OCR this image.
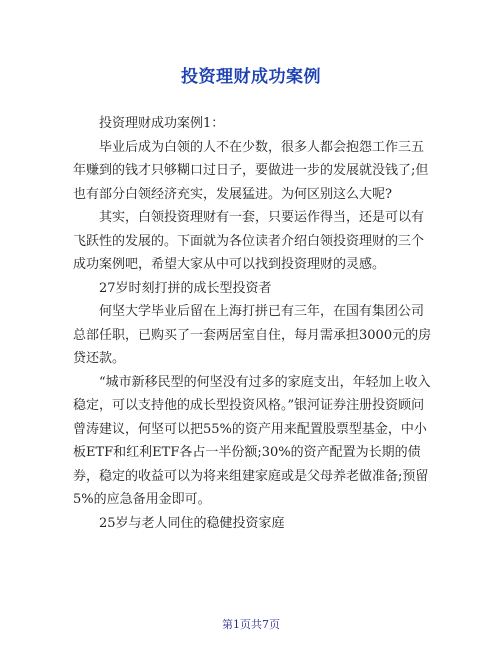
投资理财成功案例

投资理财成功案例1：

毕业后成为白领的人不在少数，很多人都会抱怨工作三五年赚到的钱才只够糊口过日子，要做进一步的发展就没钱了;但也有部分白领经济充实，发展猛进。为何区别这么大呢?

其实，白领投资理财有一套，只要运作得当，还是可以有飞跃性的发展的。下面就为各位读者介绍白领投资理财的三个成功案例吧，希望大家从中可以找到投资理财的灵感。

27岁时刻打拼的成长型投资者

何坚大学毕业后留在上海打拼已有三年，在国有集团公司总部任职，已购买了一套两居室自住，每月需承担3000元的房贷还款。

“城市新移民型的何坚没有过多的家庭支出，年轻加上收入稳定，可以支持他的成长型投资风格。”银河证券注册投资顾问曾涛建议，何坚可以把55%的资产用来配置股票型基金，中小板ETF和红利ETF各占一半份额;30%的资产配置为长期的债券，稳定的收益可以为将来组建家庭或是父母养老做准备;预留5%的应急备用金即可。

25岁与老人同住的稳健投资家庭

第1页共7页
